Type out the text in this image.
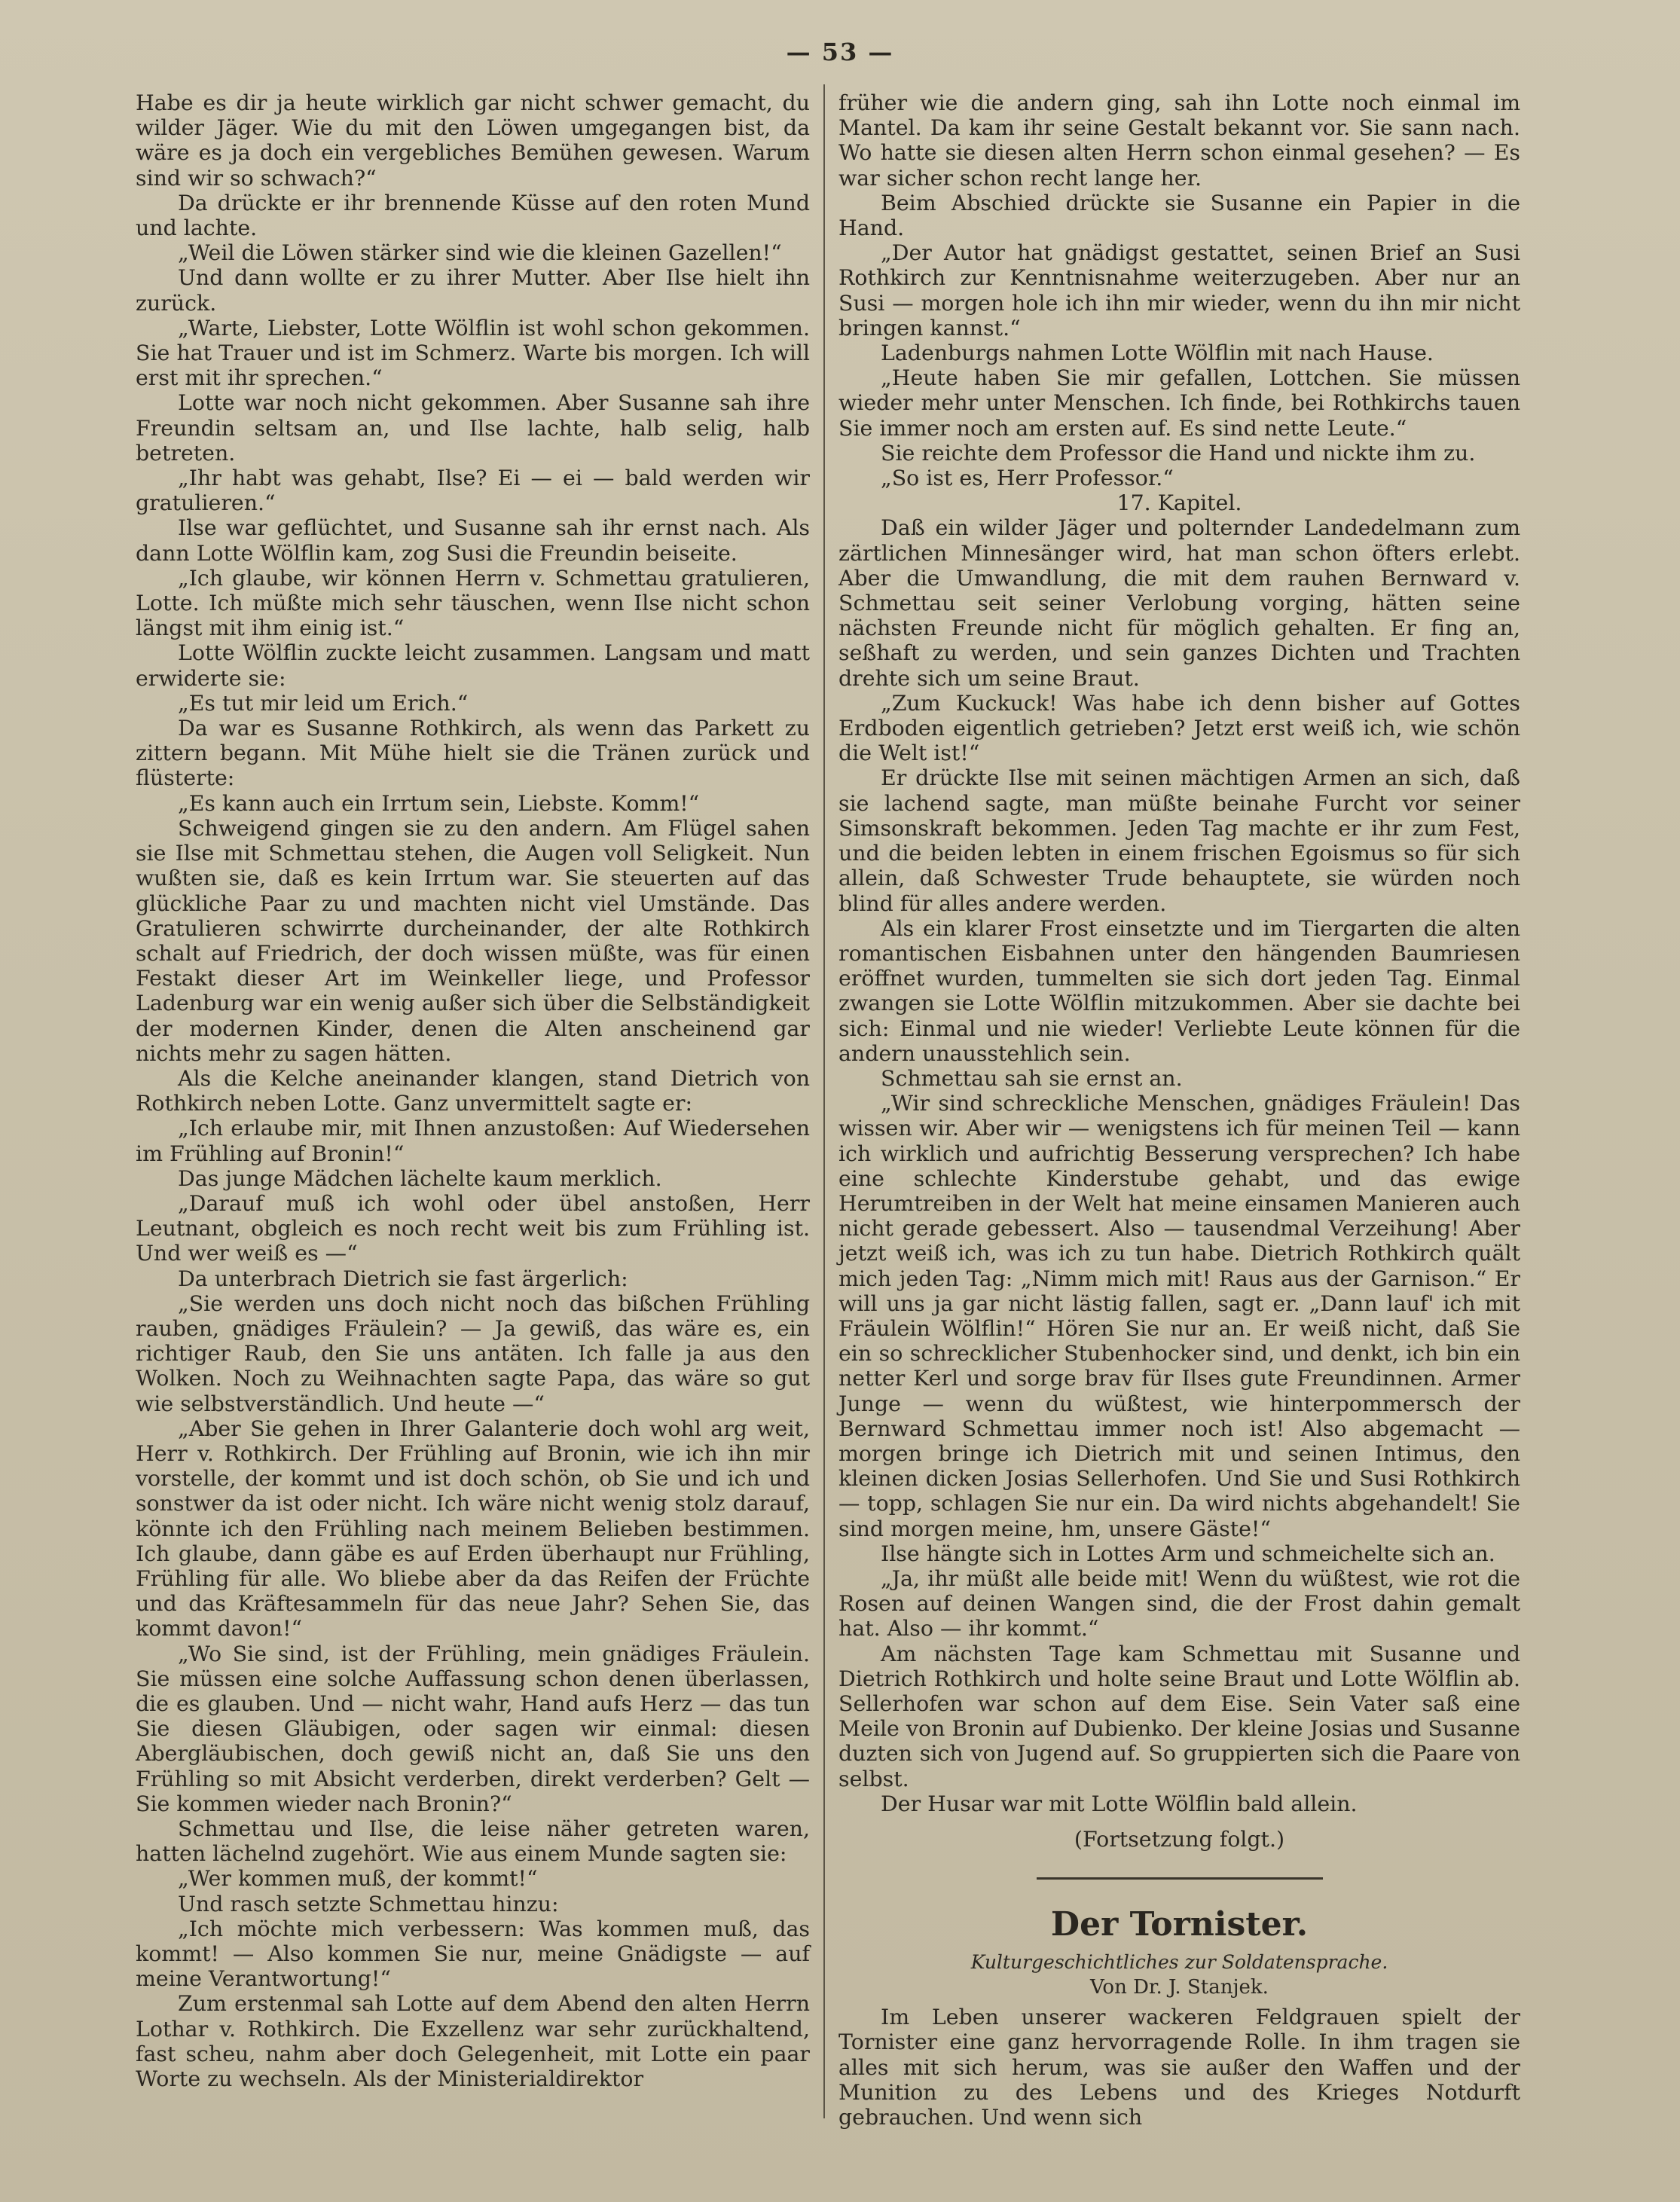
— 53 —

Habe es dir ja heute wirklich gar nicht schwer gemacht, du wilder Jäger. Wie du mit den Löwen umgegangen bist, da wäre es ja doch ein vergebliches Bemühen gewesen. Warum sind wir so schwach?“

Da drückte er ihr brennende Küsse auf den roten Mund und lachte.

„Weil die Löwen stärker sind wie die kleinen Gazellen!“

Und dann wollte er zu ihrer Mutter. Aber Ilse hielt ihn zurück.

„Warte, Liebster, Lotte Wölflin ist wohl schon gekommen. Sie hat Trauer und ist im Schmerz. Warte bis morgen. Ich will erst mit ihr sprechen.“

Lotte war noch nicht gekommen. Aber Susanne sah ihre Freundin seltsam an, und Ilse lachte, halb selig, halb betreten.

„Ihr habt was gehabt, Ilse? Ei — ei — bald werden wir gratulieren.“

Ilse war geflüchtet, und Susanne sah ihr ernst nach. Als dann Lotte Wölflin kam, zog Susi die Freundin beiseite.

„Ich glaube, wir können Herrn v. Schmettau gratulieren, Lotte. Ich müßte mich sehr täuschen, wenn Ilse nicht schon längst mit ihm einig ist.“

Lotte Wölflin zuckte leicht zusammen. Langsam und matt erwiderte sie:

„Es tut mir leid um Erich.“

Da war es Susanne Rothkirch, als wenn das Parkett zu zittern begann. Mit Mühe hielt sie die Tränen zurück und flüsterte:

„Es kann auch ein Irrtum sein, Liebste. Komm!“

Schweigend gingen sie zu den andern. Am Flügel sahen sie Ilse mit Schmettau stehen, die Augen voll Seligkeit. Nun wußten sie, daß es kein Irrtum war. Sie steuerten auf das glückliche Paar zu und machten nicht viel Umstände. Das Gratulieren schwirrte durcheinander, der alte Rothkirch schalt auf Friedrich, der doch wissen müßte, was für einen Festakt dieser Art im Weinkeller liege, und Professor Ladenburg war ein wenig außer sich über die Selbständigkeit der modernen Kinder, denen die Alten anscheinend gar nichts mehr zu sagen hätten.

Als die Kelche aneinander klangen, stand Dietrich von Rothkirch neben Lotte. Ganz unvermittelt sagte er:

„Ich erlaube mir, mit Ihnen anzustoßen: Auf Wiedersehen im Frühling auf Bronin!“

Das junge Mädchen lächelte kaum merklich.

„Darauf muß ich wohl oder übel anstoßen, Herr Leutnant, obgleich es noch recht weit bis zum Frühling ist. Und wer weiß es —“

Da unterbrach Dietrich sie fast ärgerlich:

„Sie werden uns doch nicht noch das bißchen Frühling rauben, gnädiges Fräulein? — Ja gewiß, das wäre es, ein richtiger Raub, den Sie uns antäten. Ich falle ja aus den Wolken. Noch zu Weihnachten sagte Papa, das wäre so gut wie selbstverständlich. Und heute —“

„Aber Sie gehen in Ihrer Galanterie doch wohl arg weit, Herr v. Rothkirch. Der Frühling auf Bronin, wie ich ihn mir vorstelle, der kommt und ist doch schön, ob Sie und ich und sonstwer da ist oder nicht. Ich wäre nicht wenig stolz darauf, könnte ich den Frühling nach meinem Belieben bestimmen. Ich glaube, dann gäbe es auf Erden überhaupt nur Frühling, Frühling für alle. Wo bliebe aber da das Reifen der Früchte und das Kräftesammeln für das neue Jahr? Sehen Sie, das kommt davon!“

„Wo Sie sind, ist der Frühling, mein gnädiges Fräulein. Sie müssen eine solche Auffassung schon denen überlassen, die es glauben. Und — nicht wahr, Hand aufs Herz — das tun Sie diesen Gläubigen, oder sagen wir einmal: diesen Abergläubischen, doch gewiß nicht an, daß Sie uns den Frühling so mit Absicht verderben, direkt verderben? Gelt — Sie kommen wieder nach Bronin?“

Schmettau und Ilse, die leise näher getreten waren, hatten lächelnd zugehört. Wie aus einem Munde sagten sie:

„Wer kommen muß, der kommt!“

Und rasch setzte Schmettau hinzu:

„Ich möchte mich verbessern: Was kommen muß, das kommt! — Also kommen Sie nur, meine Gnädigste — auf meine Verantwortung!“

Zum erstenmal sah Lotte auf dem Abend den alten Herrn Lothar v. Rothkirch. Die Exzellenz war sehr zurückhaltend, fast scheu, nahm aber doch Gelegenheit, mit Lotte ein paar Worte zu wechseln. Als der Ministerialdirektor

früher wie die andern ging, sah ihn Lotte noch einmal im Mantel. Da kam ihr seine Gestalt bekannt vor. Sie sann nach. Wo hatte sie diesen alten Herrn schon einmal gesehen? — Es war sicher schon recht lange her.

Beim Abschied drückte sie Susanne ein Papier in die Hand.

„Der Autor hat gnädigst gestattet, seinen Brief an Susi Rothkirch zur Kenntnisnahme weiterzugeben. Aber nur an Susi — morgen hole ich ihn mir wieder, wenn du ihn mir nicht bringen kannst.“

Ladenburgs nahmen Lotte Wölflin mit nach Hause.

„Heute haben Sie mir gefallen, Lottchen. Sie müssen wieder mehr unter Menschen. Ich finde, bei Rothkirchs tauen Sie immer noch am ersten auf. Es sind nette Leute.“

Sie reichte dem Professor die Hand und nickte ihm zu.

„So ist es, Herr Professor.“

17. Kapitel.

Daß ein wilder Jäger und polternder Landedelmann zum zärtlichen Minnesänger wird, hat man schon öfters erlebt. Aber die Umwandlung, die mit dem rauhen Bernward v. Schmettau seit seiner Verlobung vorging, hätten seine nächsten Freunde nicht für möglich gehalten. Er fing an, seßhaft zu werden, und sein ganzes Dichten und Trachten drehte sich um seine Braut.

„Zum Kuckuck! Was habe ich denn bisher auf Gottes Erdboden eigentlich getrieben? Jetzt erst weiß ich, wie schön die Welt ist!“

Er drückte Ilse mit seinen mächtigen Armen an sich, daß sie lachend sagte, man müßte beinahe Furcht vor seiner Simsonskraft bekommen. Jeden Tag machte er ihr zum Fest, und die beiden lebten in einem frischen Egoismus so für sich allein, daß Schwester Trude behauptete, sie würden noch blind für alles andere werden.

Als ein klarer Frost einsetzte und im Tiergarten die alten romantischen Eisbahnen unter den hängenden Baumriesen eröffnet wurden, tummelten sie sich dort jeden Tag. Einmal zwangen sie Lotte Wölflin mitzukommen. Aber sie dachte bei sich: Einmal und nie wieder! Verliebte Leute können für die andern unausstehlich sein.

Schmettau sah sie ernst an.

„Wir sind schreckliche Menschen, gnädiges Fräulein! Das wissen wir. Aber wir — wenigstens ich für meinen Teil — kann ich wirklich und aufrichtig Besserung versprechen? Ich habe eine schlechte Kinderstube gehabt, und das ewige Herumtreiben in der Welt hat meine einsamen Manieren auch nicht gerade gebessert. Also — tausendmal Verzeihung! Aber jetzt weiß ich, was ich zu tun habe. Dietrich Rothkirch quält mich jeden Tag: „Nimm mich mit! Raus aus der Garnison.“ Er will uns ja gar nicht lästig fallen, sagt er. „Dann lauf' ich mit Fräulein Wölflin!“ Hören Sie nur an. Er weiß nicht, daß Sie ein so schrecklicher Stubenhocker sind, und denkt, ich bin ein netter Kerl und sorge brav für Ilses gute Freundinnen. Armer Junge — wenn du wüßtest, wie hinterpommersch der Bernward Schmettau immer noch ist! Also abgemacht — morgen bringe ich Dietrich mit und seinen Intimus, den kleinen dicken Josias Sellerhofen. Und Sie und Susi Rothkirch — topp, schlagen Sie nur ein. Da wird nichts abgehandelt! Sie sind morgen meine, hm, unsere Gäste!“

Ilse hängte sich in Lottes Arm und schmeichelte sich an.

„Ja, ihr müßt alle beide mit! Wenn du wüßtest, wie rot die Rosen auf deinen Wangen sind, die der Frost dahin gemalt hat. Also — ihr kommt.“

Am nächsten Tage kam Schmettau mit Susanne und Dietrich Rothkirch und holte seine Braut und Lotte Wölflin ab. Sellerhofen war schon auf dem Eise. Sein Vater saß eine Meile von Bronin auf Dubienko. Der kleine Josias und Susanne duzten sich von Jugend auf. So gruppierten sich die Paare von selbst.

Der Husar war mit Lotte Wölflin bald allein.

(Fortsetzung folgt.)

Der Tornister.

Kulturgeschichtliches zur Soldatensprache.

Von Dr. J. Stanjek.

Im Leben unserer wackeren Feldgrauen spielt der Tornister eine ganz hervorragende Rolle. In ihm tragen sie alles mit sich herum, was sie außer den Waffen und der Munition zu des Lebens und des Krieges Notdurft gebrauchen. Und wenn sich
